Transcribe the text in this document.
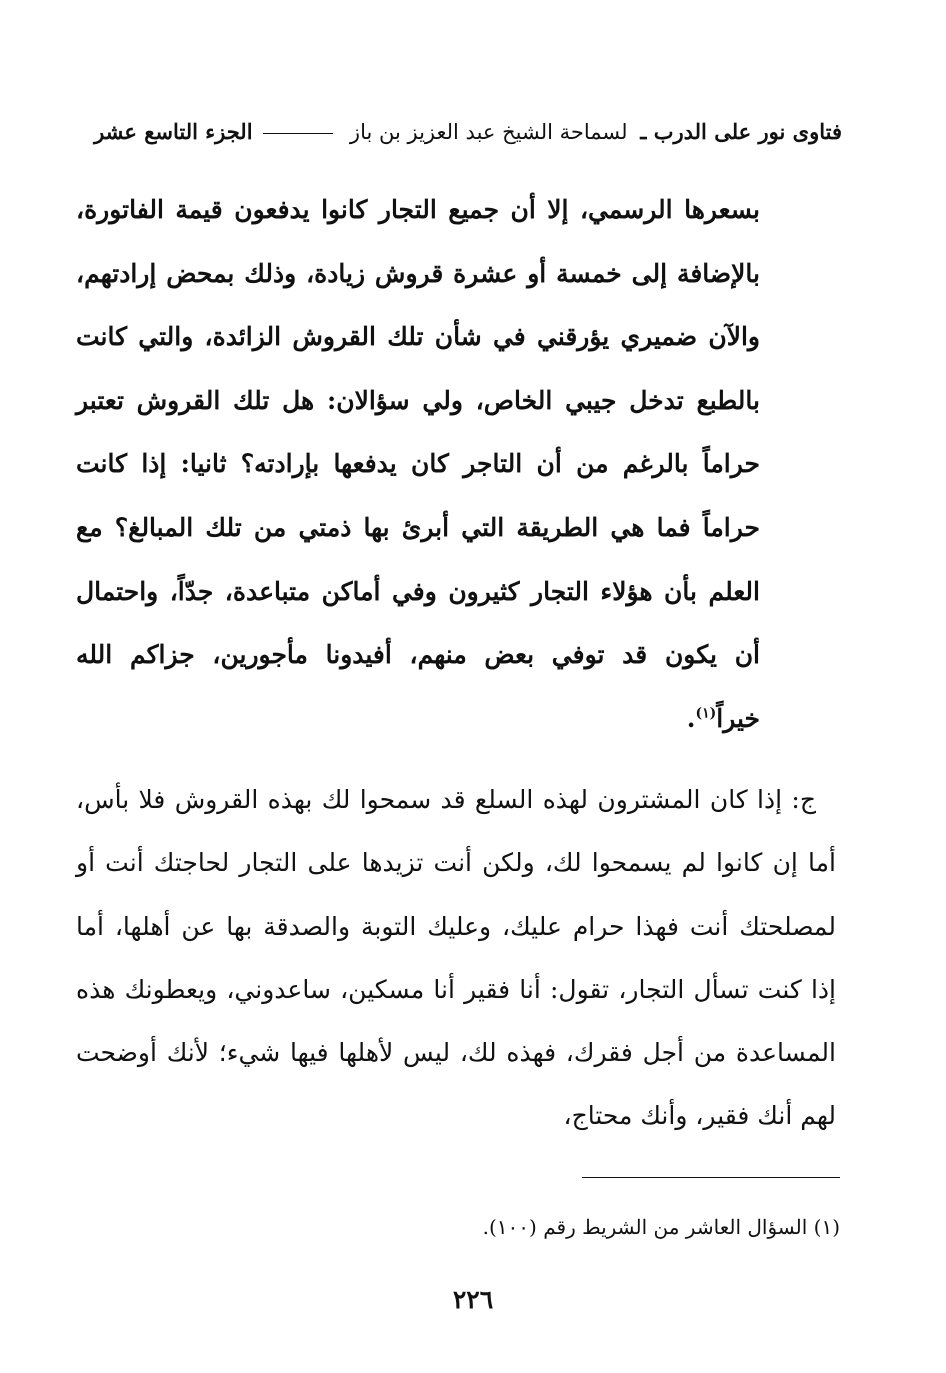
فتاوى نور على الدرب ـ لسماحة الشيخ عبد العزيز بن باز  الجزء التاسع عشر
بسعرها الرسمي، إلا أن جميع التجار كانوا يدفعون قيمة الفاتورة، بالإضافة إلى خمسة أو عشرة قروش زيادة، وذلك بمحض إرادتهم، والآن ضميري يؤرقني في شأن تلك القروش الزائدة، والتي كانت بالطبع تدخل جيبي الخاص، ولي سؤالان: هل تلك القروش تعتبر حراماً بالرغم من أن التاجر كان يدفعها بإرادته؟ ثانيا: إذا كانت حراماً فما هي الطريقة التي أبرئ بها ذمتي من تلك المبالغ؟ مع العلم بأن هؤلاء التجار كثيرون وفي أماكن متباعدة، جدّاً، واحتمال أن يكون قد توفي بعض منهم، أفيدونا مأجورين، جزاكم الله خيراً$^{(١)}$.
ج: إذا كان المشترون لهذه السلع قد سمحوا لك بهذه القروش فلا بأس، أما إن كانوا لم يسمحوا لك، ولكن أنت تزيدها على التجار لحاجتك أنت أو لمصلحتك أنت فهذا حرام عليك، وعليك التوبة والصدقة بها عن أهلها، أما إذا كنت تسأل التجار، تقول: أنا فقير أنا مسكين، ساعدوني، ويعطونك هذه المساعدة من أجل فقرك، فهذه لك، ليس لأهلها فيها شيء؛ لأنك أوضحت لهم أنك فقير، وأنك محتاج،
(١) السؤال العاشر من الشريط رقم (١٠٠).
٢٢٦
